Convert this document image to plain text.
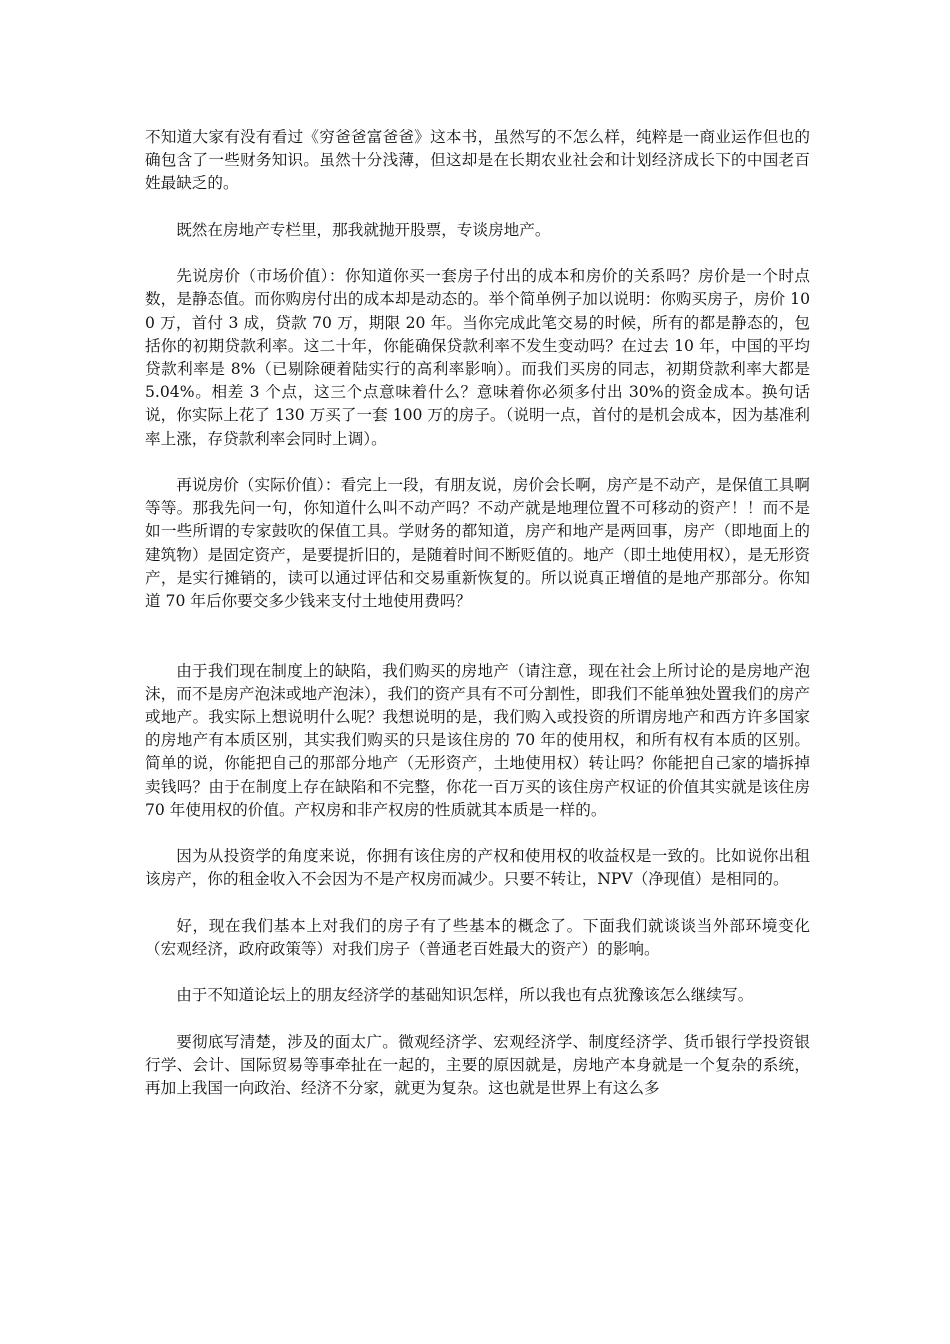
不知道大家有没有看过《穷爸爸富爸爸》这本书，虽然写的不怎么样，纯粹是一商业运作但也的确包含了一些财务知识。虽然十分浅薄，但这却是在长期农业社会和计划经济成长下的中国老百姓最缺乏的。

既然在房地产专栏里，那我就抛开股票，专谈房地产。

先说房价（市场价值）：你知道你买一套房子付出的成本和房价的关系吗？房价是一个时点数，是静态值。而你购房付出的成本却是动态的。举个简单例子加以说明：你购买房子，房价 100 万，首付 3 成，贷款 70 万，期限 20 年。当你完成此笔交易的时候，所有的都是静态的，包括你的初期贷款利率。这二十年，你能确保贷款利率不发生变动吗？在过去 10 年，中国的平均贷款利率是 8%（已剔除硬着陆实行的高利率影响）。而我们买房的同志，初期贷款利率大都是 5.04%。相差 3 个点，这三个点意味着什么？意味着你必须多付出 30%的资金成本。换句话说，你实际上花了 130 万买了一套 100 万的房子。（说明一点，首付的是机会成本，因为基准利率上涨，存贷款利率会同时上调）。

再说房价（实际价值）：看完上一段，有朋友说，房价会长啊，房产是不动产，是保值工具啊等等。那我先问一句，你知道什么叫不动产吗？不动产就是地理位置不可移动的资产！！而不是如一些所谓的专家鼓吹的保值工具。学财务的都知道，房产和地产是两回事，房产（即地面上的建筑物）是固定资产，是要提折旧的，是随着时间不断贬值的。地产（即土地使用权），是无形资产，是实行摊销的，读可以通过评估和交易重新恢复的。所以说真正增值的是地产那部分。你知道 70 年后你要交多少钱来支付土地使用费吗？

由于我们现在制度上的缺陷，我们购买的房地产（请注意，现在社会上所讨论的是房地产泡沫，而不是房产泡沫或地产泡沫），我们的资产具有不可分割性，即我们不能单独处置我们的房产或地产。我实际上想说明什么呢？我想说明的是，我们购入或投资的所谓房地产和西方许多国家的房地产有本质区别，其实我们购买的只是该住房的 70 年的使用权，和所有权有本质的区别。简单的说，你能把自己的那部分地产（无形资产，土地使用权）转让吗？你能把自己家的墙拆掉卖钱吗？由于在制度上存在缺陷和不完整，你花一百万买的该住房产权证的价值其实就是该住房 70 年使用权的价值。产权房和非产权房的性质就其本质是一样的。

因为从投资学的角度来说，你拥有该住房的产权和使用权的收益权是一致的。比如说你出租该房产，你的租金收入不会因为不是产权房而减少。只要不转让，NPV（净现值）是相同的。

好，现在我们基本上对我们的房子有了些基本的概念了。下面我们就谈谈当外部环境变化（宏观经济，政府政策等）对我们房子（普通老百姓最大的资产）的影响。

由于不知道论坛上的朋友经济学的基础知识怎样，所以我也有点犹豫该怎么继续写。

要彻底写清楚，涉及的面太广。微观经济学、宏观经济学、制度经济学、货币银行学投资银行学、会计、国际贸易等事牵扯在一起的，主要的原因就是，房地产本身就是一个复杂的系统，再加上我国一向政治、经济不分家，就更为复杂。这也就是世界上有这么多
